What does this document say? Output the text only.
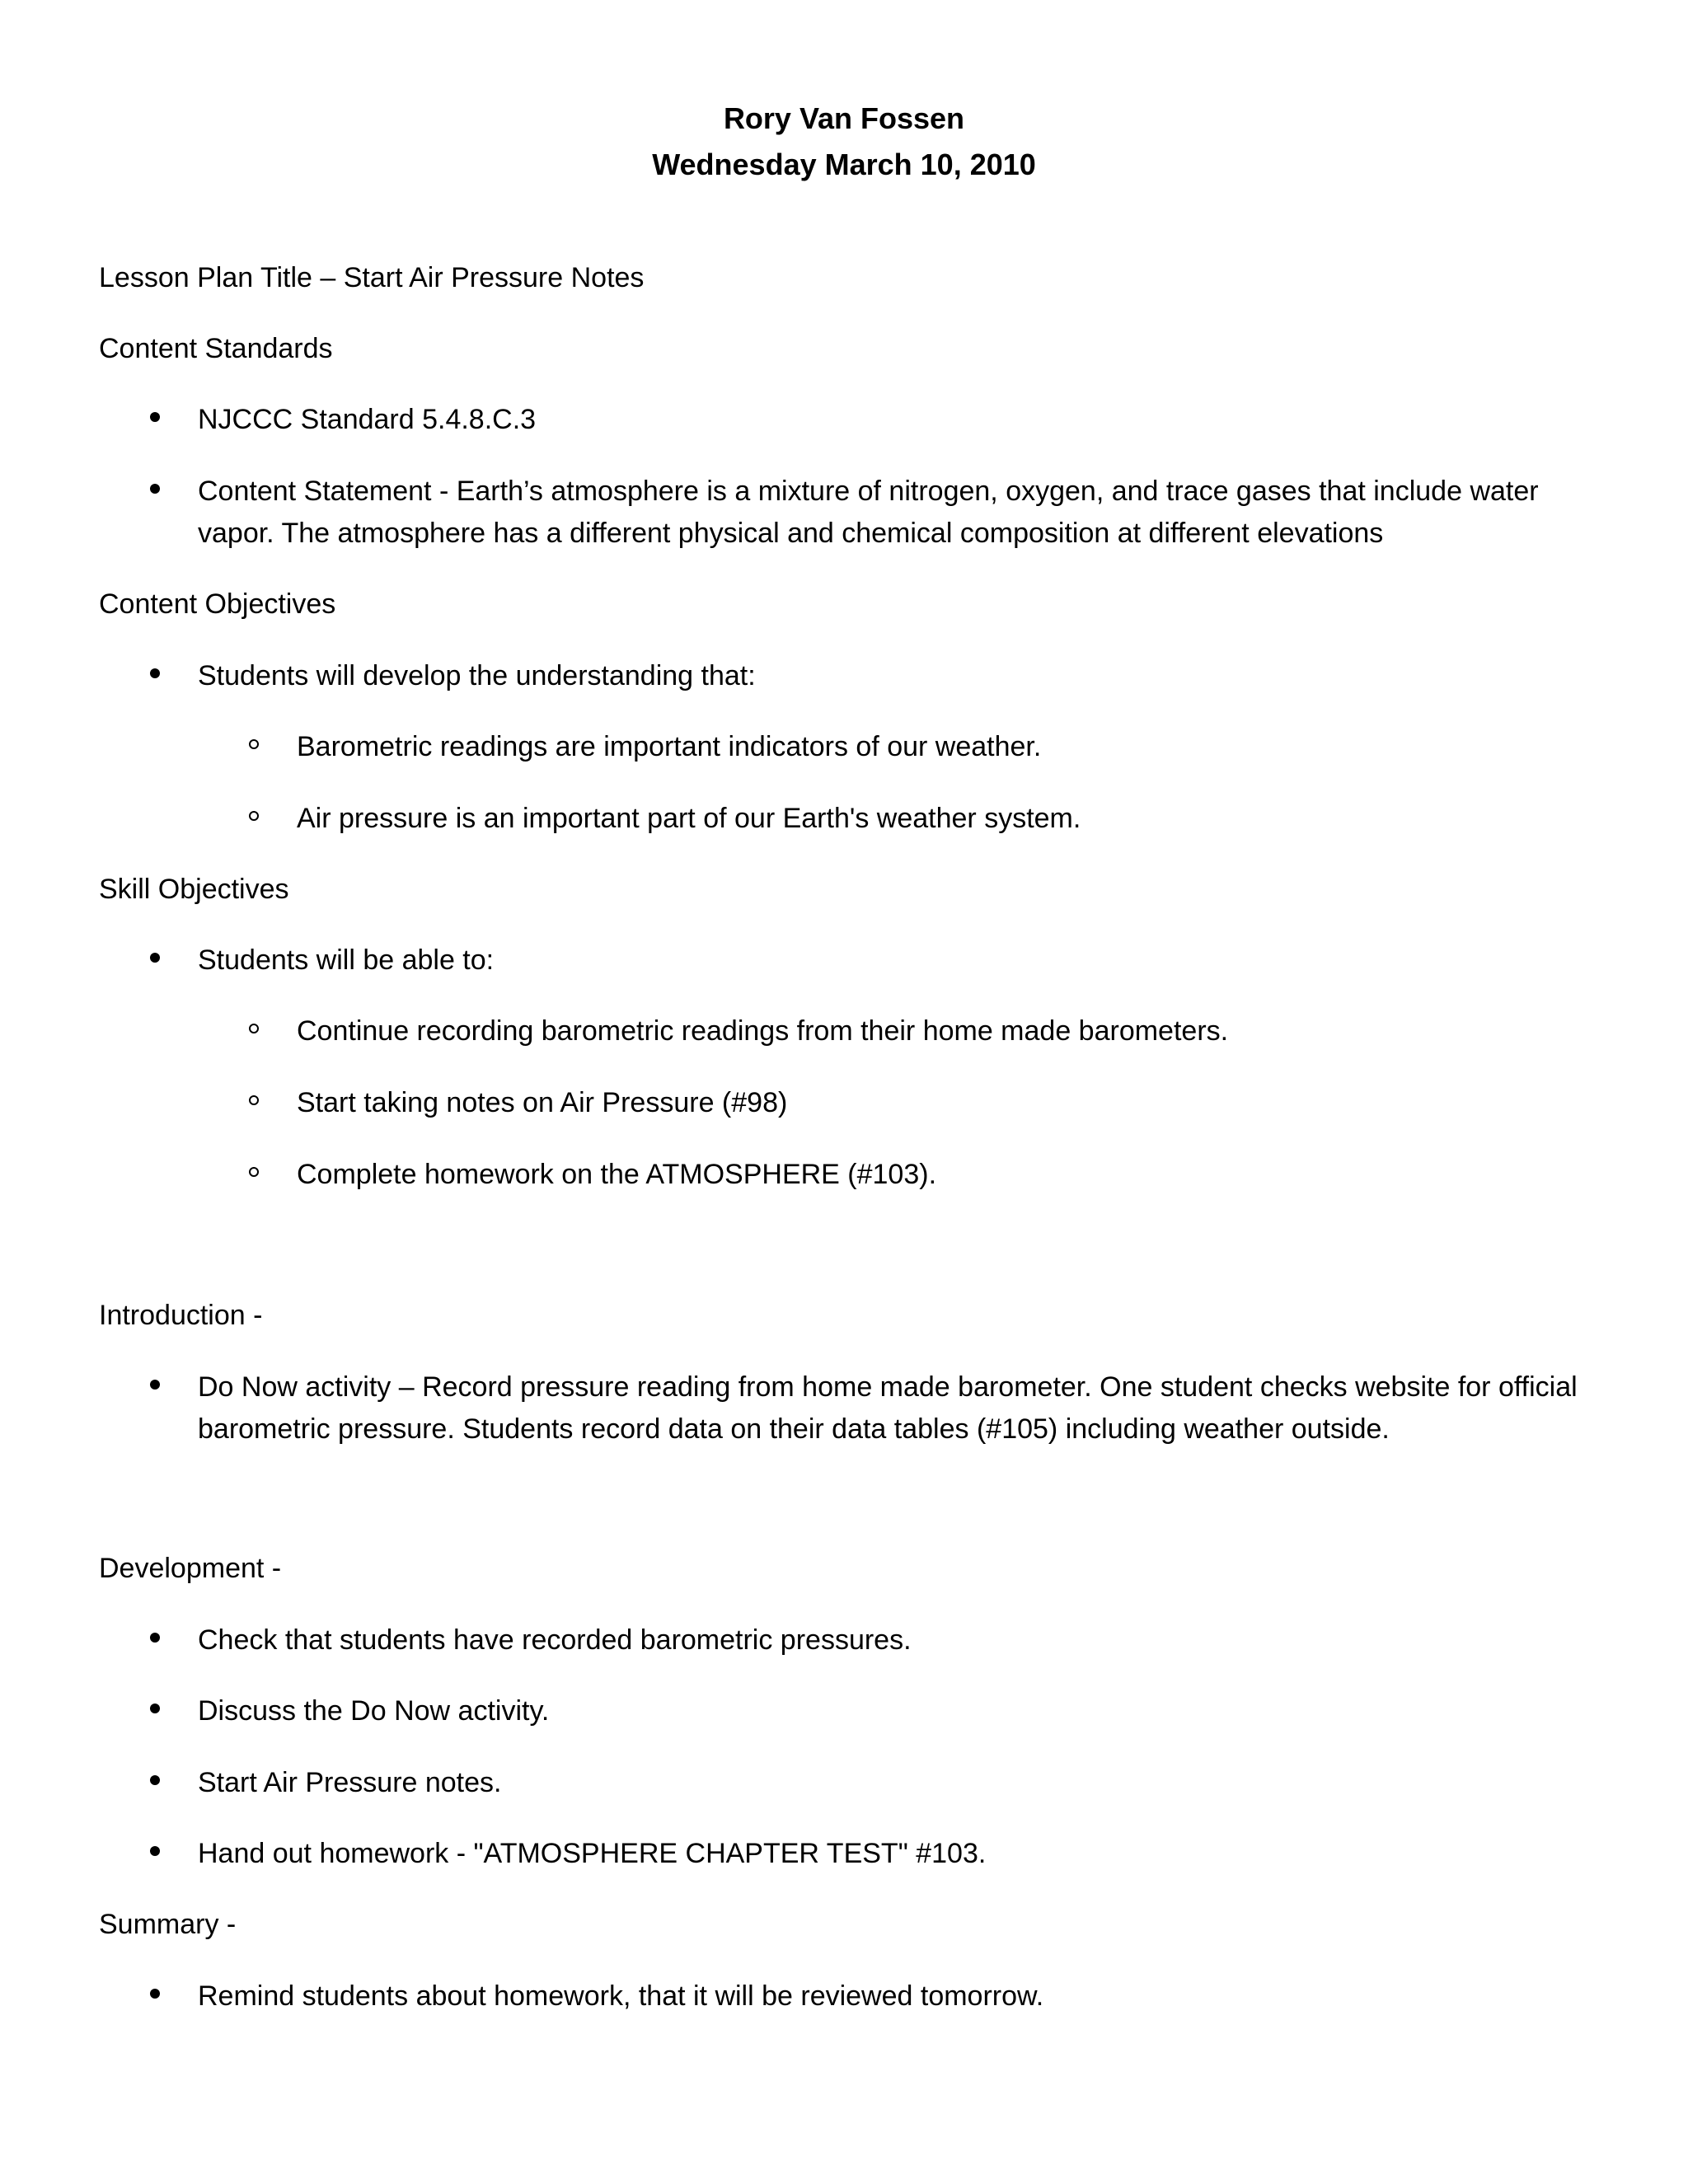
Rory Van Fossen
Wednesday March 10, 2010
Lesson Plan Title – Start Air Pressure Notes
Content Standards
NJCCC Standard 5.4.8.C.3
Content Statement - Earth’s atmosphere is a mixture of nitrogen, oxygen, and trace gases that include water
vapor. The atmosphere has a different physical and chemical composition at different elevations
Content Objectives
Students will develop the understanding that:
Barometric readings are important indicators of our weather.
Air pressure is an important part of our Earth's weather system.
Skill Objectives
Students will be able to:
Continue recording barometric readings from their home made barometers.
Start taking notes on Air Pressure (#98)
Complete homework on the ATMOSPHERE (#103).
Introduction -
Do Now activity – Record pressure reading from home made barometer. One student checks website for official
barometric pressure. Students record data on their data tables (#105) including weather outside.
Development -
Check that students have recorded barometric pressures.
Discuss the Do Now activity.
Start Air Pressure notes.
Hand out homework - "ATMOSPHERE CHAPTER TEST" #103.
Summary -
Remind students about homework, that it will be reviewed tomorrow.
